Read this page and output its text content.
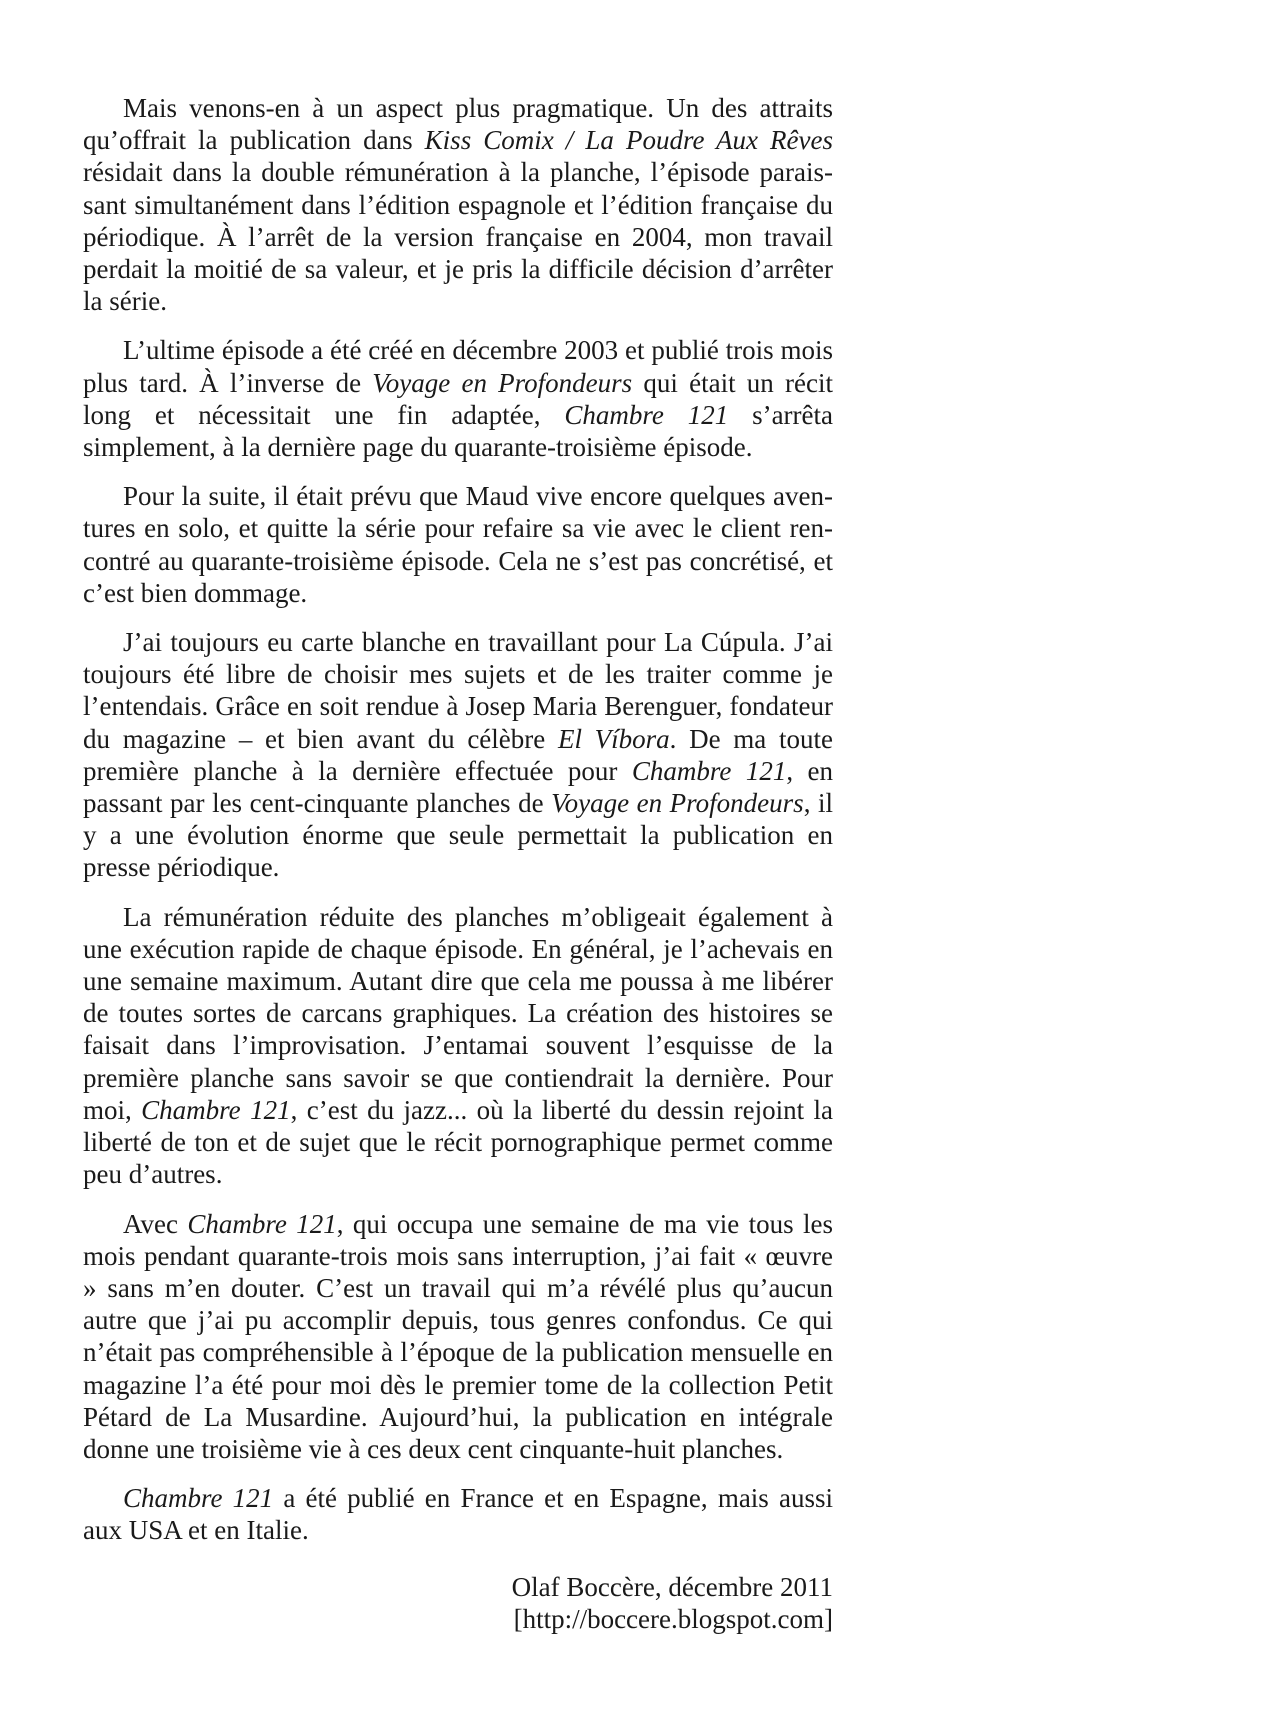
Mais venons-en à un aspect plus pragmatique. Un des attraits qu’offrait la publication dans Kiss Comix / La Poudre Aux Rêves résidait dans la double rémunération à la planche, l’épisode paraissant simultanément dans l’édition espagnole et l’édition française du périodique. À l’arrêt de la version française en 2004, mon travail perdait la moitié de sa valeur, et je pris la difficile décision d’arrêter la série.

L’ultime épisode a été créé en décembre 2003 et publié trois mois plus tard. À l’inverse de Voyage en Profondeurs qui était un récit long et nécessitait une fin adaptée, Chambre 121 s’arrêta simplement, à la dernière page du quarante-troisième épisode.

Pour la suite, il était prévu que Maud vive encore quelques aventures en solo, et quitte la série pour refaire sa vie avec le client rencontré au quarante-troisième épisode. Cela ne s’est pas concrétisé, et c’est bien dommage.

J’ai toujours eu carte blanche en travaillant pour La Cúpula. J’ai toujours été libre de choisir mes sujets et de les traiter comme je l’entendais. Grâce en soit rendue à Josep Maria Berenguer, fondateur du magazine – et bien avant du célèbre El Víbora. De ma toute première planche à la dernière effectuée pour Chambre 121, en passant par les cent-cinquante planches de Voyage en Profondeurs, il y a une évolution énorme que seule permettait la publication en presse périodique.

La rémunération réduite des planches m’obligeait également à une exécution rapide de chaque épisode. En général, je l’achevais en une semaine maximum. Autant dire que cela me poussa à me libérer de toutes sortes de carcans graphiques. La création des histoires se faisait dans l’improvisation. J’entamai souvent l’esquisse de la première planche sans savoir se que contiendrait la dernière. Pour moi, Chambre 121, c’est du jazz... où la liberté du dessin rejoint la liberté de ton et de sujet que le récit pornographique permet comme peu d’autres.

Avec Chambre 121, qui occupa une semaine de ma vie tous les mois pendant quarante-trois mois sans interruption, j’ai fait « œuvre » sans m’en douter. C’est un travail qui m’a révélé plus qu’aucun autre que j’ai pu accomplir depuis, tous genres confondus. Ce qui n’était pas compréhensible à l’époque de la publication mensuelle en magazine l’a été pour moi dès le premier tome de la collection Petit Pétard de La Musardine. Aujourd’hui, la publication en intégrale donne une troisième vie à ces deux cent cinquante-huit planches.

Chambre 121 a été publié en France et en Espagne, mais aussi aux USA et en Italie.

Olaf Boccère, décembre 2011
[http://boccere.blogspot.com]
